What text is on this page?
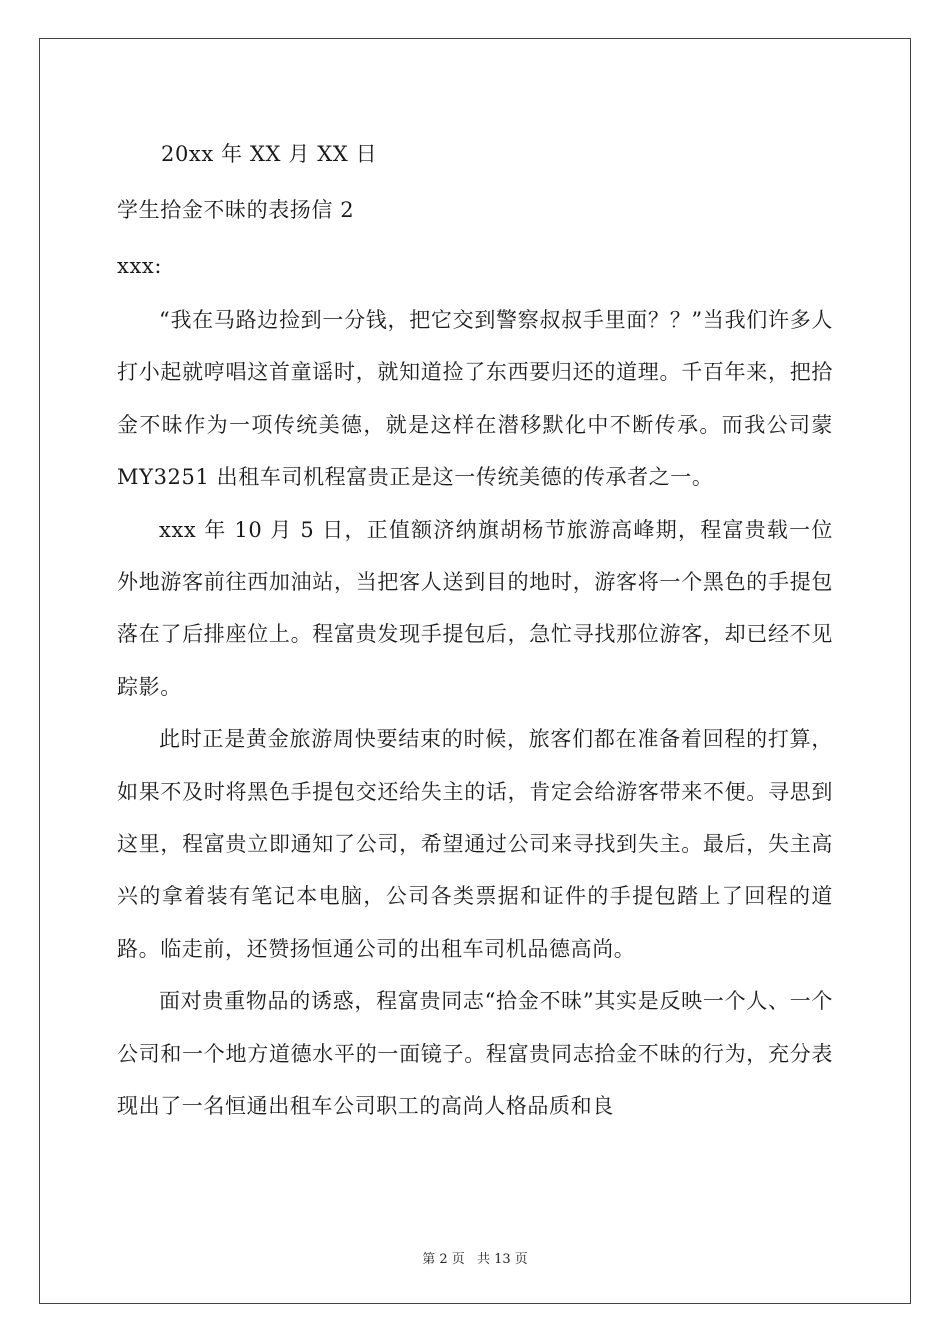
20xx 年 XX 月 XX 日
学生拾金不昧的表扬信 2
xxx:

“我在马路边捡到一分钱，把它交到警察叔叔手里面？？”当我们许多人打小起就哼唱这首童谣时，就知道捡了东西要归还的道理。千百年来，把拾金不昧作为一项传统美德，就是这样在潜移默化中不断传承。而我公司蒙 MY3251 出租车司机程富贵正是这一传统美德的传承者之一。

xxx 年 10 月 5 日，正值额济纳旗胡杨节旅游高峰期，程富贵载一位外地游客前往西加油站，当把客人送到目的地时，游客将一个黑色的手提包落在了后排座位上。程富贵发现手提包后，急忙寻找那位游客，却已经不见踪影。

此时正是黄金旅游周快要结束的时候，旅客们都在准备着回程的打算，如果不及时将黑色手提包交还给失主的话，肯定会给游客带来不便。寻思到这里，程富贵立即通知了公司，希望通过公司来寻找到失主。最后，失主高兴的拿着装有笔记本电脑，公司各类票据和证件的手提包踏上了回程的道路。临走前，还赞扬恒通公司的出租车司机品德高尚。

面对贵重物品的诱惑，程富贵同志“拾金不昧”其实是反映一个人、一个公司和一个地方道德水平的一面镜子。程富贵同志拾金不昧的行为，充分表现出了一名恒通出租车公司职工的高尚人格品质和良

第 2 页 共 13 页
